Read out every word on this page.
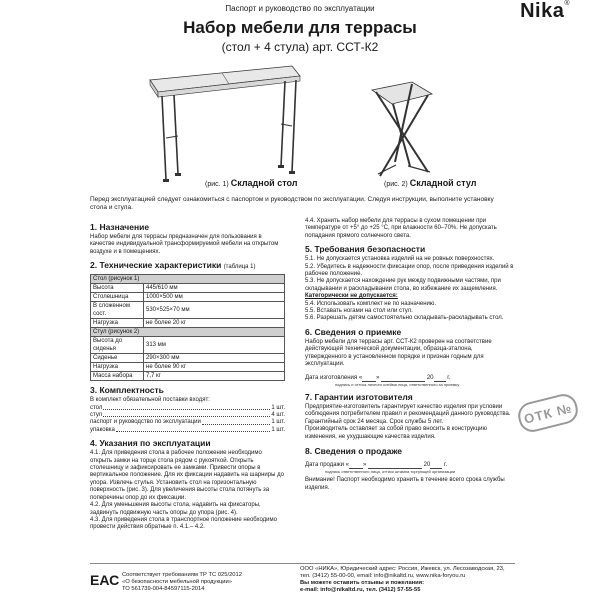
Паспорт и руководство по эксплуатации	Nika®
Набор мебели для террасы
(стол + 4 стула) арт. ССТ-К2
(рис. 1) Складной стол	(рис. 2) Складной стул
Перед эксплуатацией следует ознакомиться с паспортом и руководством по эксплуатации. Следуя инструкции, выполните установку стола и стула.
1. Назначение

Набор мебели для террасы предназначен для пользования в качестве индивидуальной трансформируемой мебели на открытом воздухе и в помещениях.

2. Технические характеристики (таблица 1)
Стол (рисунок 1)	
Высота	445/610 мм
Столешница	1000×500 мм
В сложенном сост.	530×525×70 мм
Нагрузка	не более 20 кг
Стул (рисунок 2)	
Высота до сиденья	313 мм
Сиденье	290×300 мм
Нагрузка	не более 90 кг
Масса набора	7,7 кг
3. Комплектность

В комплект обязательной поставки входят:

стол	1 шт.
стул	4 шт.
паспорт и руководство по эксплуатации	1 шт.
упаковка	1 шт.
4. Указания по эксплуатации

4.1. Для приведения стола в рабочее положение необходимо открыть замки на торце стола рядом с рукояткой. Открыть столешницу и зафиксировать ее замками. Привести опоры в вертикальное положение. Для их фиксации надавить на шарниры до упора. Извлечь стулья. Установить стол на горизонтальную поверхность (рис. 3). Для увеличения высоты стола потянуть за поперечины опор до их фиксации.

4.2. Для уменьшения высоты стола, надавить на фиксаторы, задвинуть подвижную часть опоры до упора (рис. 4).

4.3. Для приведения стола в транспортное положение необходимо провести действия обратные п. 4.1.– 4.2.

4.4. Хранить набор мебели для террасы в сухом помещении при температуре от +5° до +25 °С, при влажности 60–70%. Не допускать попадания прямого солнечного света.

5. Требования безопасности

5.1. Не допускается установка изделий на не ровных поверхностях.

5.2. Убедитесь в надежности фиксации опор, после приведения изделий в рабочее положение.

5.3. Не допускается нахождение рук между подвижными частями, при складывании и раскладывании стола, во избежание их защемления.

Категорически не допускается:

5.4. Использовать комплект не по назначению.

5.5. Вставать ногами на стол или стул.

5.6. Разрешать детям самостоятельно складывать-раскладывать стол.

6. Сведения о приемке

Набор мебели для террасы арт. ССТ-К2 проверен на соответствие действующей технической документации, образца-эталона, утвержденного в установленном порядке и признан годным для эксплуатации.

Дата изготовления « »	20 г.

подпись и оттиск личного клейма лица, ответственного за приемку

7. Гарантии изготовителя

Предприятие-изготовитель гарантирует качество изделия при условии соблюдения потребителем правил и рекомендаций данного руководства.

Гарантийный срок 24 месяца. Срок службы 5 лет.

Производитель оставляет за собой право вносить в конструкцию изменения, не ухудшающие качества изделия.

8. Сведения о продаже

Дата продажи « »	20 г.

подпись ответственного лица, оттиск штампа торгующей организации

Внимание! Паспорт необходимо хранить в течение всего срока службы изделия.

ОТК №
ЕАС Соответствует требованиям ТР ТС 025/2012
«О безопасности мебельной продукции»
ТО 561739-004-84597115-2014
ООО «НИКА», Юридический адрес: Россия, Ижевск, ул. Лесозаводская, 23,
тел. (3412) 55-00-00, email: info@nikaltd.ru, www.nika-foryou.ru
Вы можете оставить отзывы и пожелания:
e-mail: info@nikaltd.ru, тел. (3412) 57-55-55
